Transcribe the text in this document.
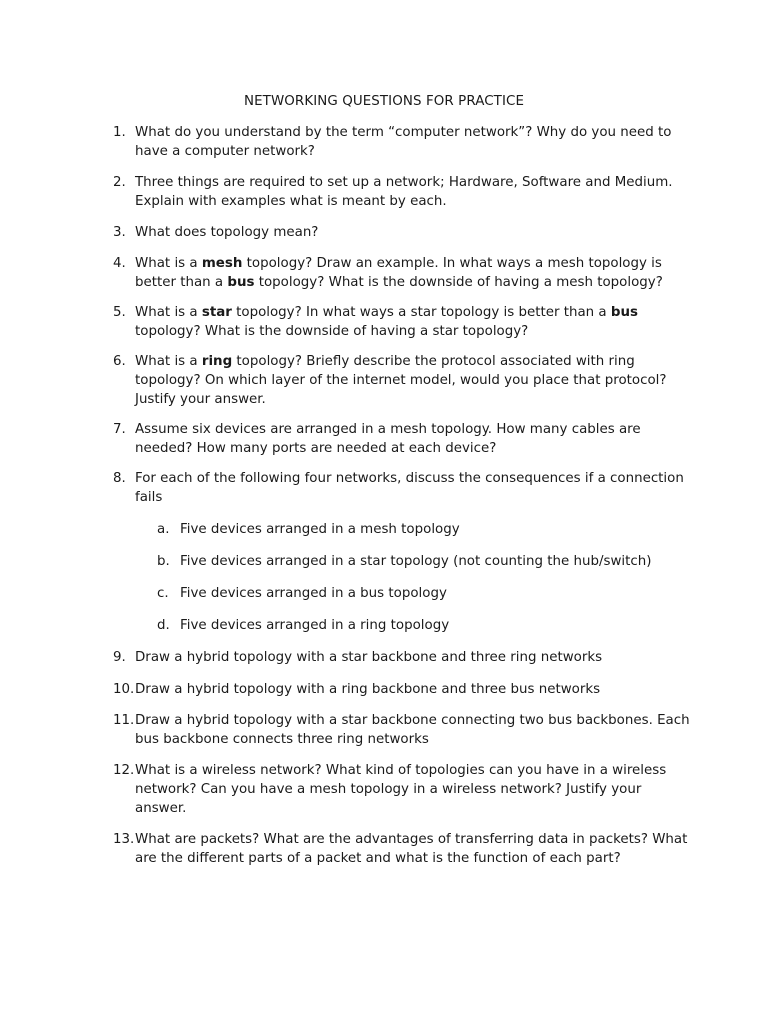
NETWORKING QUESTIONS FOR PRACTICE
1. What do you understand by the term “computer network”? Why do you need to have a computer network?
2. Three things are required to set up a network; Hardware, Software and Medium. Explain with examples what is meant by each.
3. What does topology mean?
4. What is a mesh topology? Draw an example. In what ways a mesh topology is better than a bus topology? What is the downside of having a mesh topology?
5. What is a star topology? In what ways a star topology is better than a bus topology? What is the downside of having a star topology?
6. What is a ring topology? Briefly describe the protocol associated with ring topology? On which layer of the internet model, would you place that protocol? Justify your answer.
7. Assume six devices are arranged in a mesh topology. How many cables are needed? How many ports are needed at each device?
8. For each of the following four networks, discuss the consequences if a connection fails
a. Five devices arranged in a mesh topology
b. Five devices arranged in a star topology (not counting the hub/switch)
c. Five devices arranged in a bus topology
d. Five devices arranged in a ring topology
9. Draw a hybrid topology with a star backbone and three ring networks
10. Draw a hybrid topology with a ring backbone and three bus networks
11. Draw a hybrid topology with a star backbone connecting two bus backbones. Each bus backbone connects three ring networks
12. What is a wireless network? What kind of topologies can you have in a wireless network? Can you have a mesh topology in a wireless network? Justify your answer.
13. What are packets? What are the advantages of transferring data in packets? What are the different parts of a packet and what is the function of each part?
